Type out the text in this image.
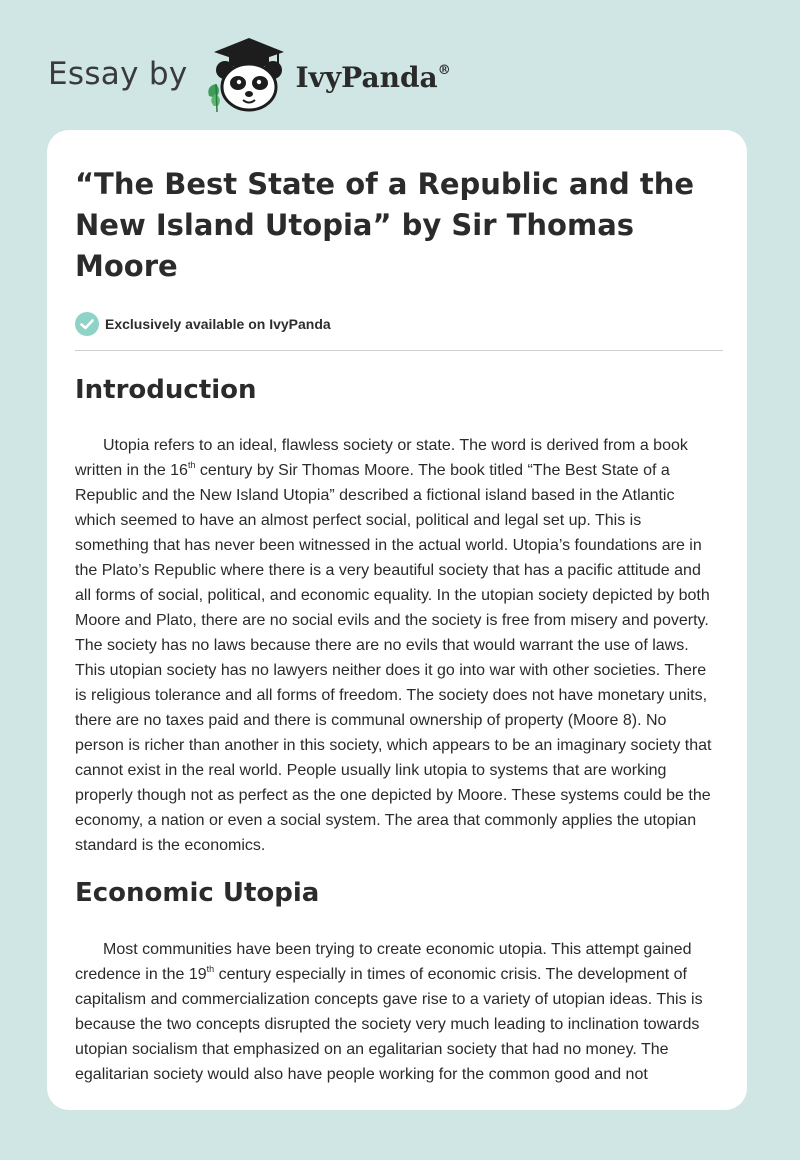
Essay by	IvyPanda®
“The Best State of a Republic and the New Island Utopia” by Sir Thomas Moore
Exclusively available on IvyPanda
Introduction

Utopia refers to an ideal, flawless society or state. The word is derived from a book written in the 16th century by Sir Thomas Moore. The book titled “The Best State of a Republic and the New Island Utopia” described a fictional island based in the Atlantic which seemed to have an almost perfect social, political and legal set up. This is something that has never been witnessed in the actual world. Utopia’s foundations are in the Plato’s Republic where there is a very beautiful society that has a pacific attitude and all forms of social, political, and economic equality. In the utopian society depicted by both Moore and Plato, there are no social evils and the society is free from misery and poverty. The society has no laws because there are no evils that would warrant the use of laws. This utopian society has no lawyers neither does it go into war with other societies. There is religious tolerance and all forms of freedom. The society does not have monetary units, there are no taxes paid and there is communal ownership of property (Moore 8). No person is richer than another in this society, which appears to be an imaginary society that cannot exist in the real world. People usually link utopia to systems that are working properly though not as perfect as the one depicted by Moore. These systems could be the economy, a nation or even a social system. The area that commonly applies the utopian standard is the economics.

Economic Utopia

Most communities have been trying to create economic utopia. This attempt gained credence in the 19th century especially in times of economic crisis. The development of capitalism and commercialization concepts gave rise to a variety of utopian ideas. This is because the two concepts disrupted the society very much leading to inclination towards utopian socialism that emphasized on an egalitarian society that had no money. The egalitarian society would also have people working for the common good and not
